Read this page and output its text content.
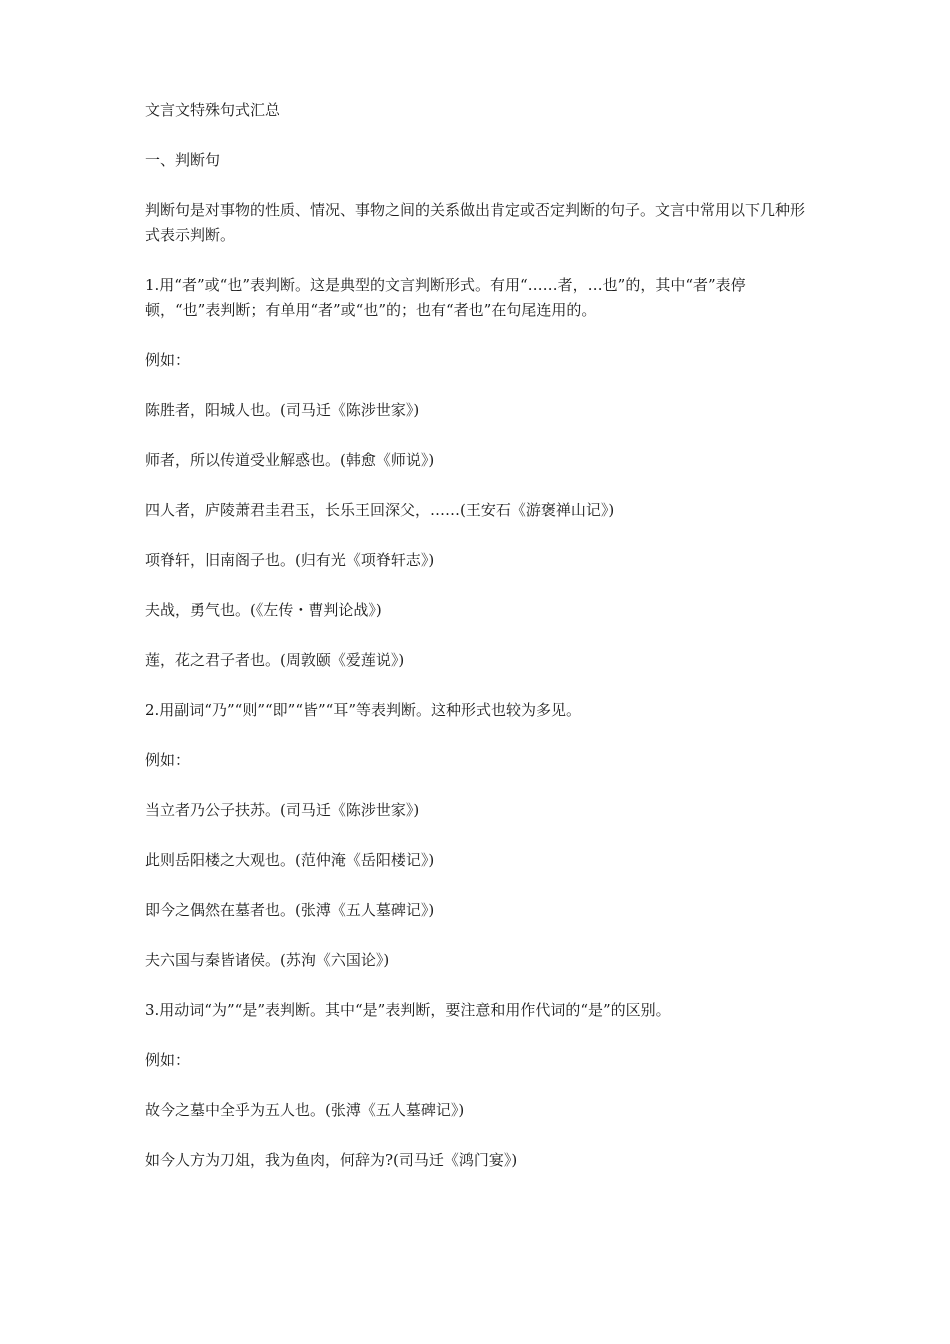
文言文特殊句式汇总

一、判断句

判断句是对事物的性质、情况、事物之间的关系做出肯定或否定判断的句子。文言中常用以下几种形式表示判断。

1.用“者”或“也”表判断。这是典型的文言判断形式。有用“……者，…也”的，其中“者”表停顿，“也”表判断；有单用“者”或“也”的；也有“者也”在句尾连用的。

例如：

陈胜者，阳城人也。(司马迁《陈涉世家》)

师者，所以传道受业解惑也。(韩愈《师说》)

四人者，庐陵萧君圭君玉，长乐王回深父，……(王安石《游褒禅山记》)

项脊轩，旧南阁子也。(归有光《项脊轩志》)

夫战，勇气也。(《左传・曹判论战》)

莲，花之君子者也。(周敦颐《爱莲说》)

2.用副词“乃”“则”“即”“皆”“耳”等表判断。这种形式也较为多见。

例如：

当立者乃公子扶苏。(司马迁《陈涉世家》)

此则岳阳楼之大观也。(范仲淹《岳阳楼记》)

即今之偶然在墓者也。(张溥《五人墓碑记》)

夫六国与秦皆诸侯。(苏洵《六国论》)

3.用动词“为”“是”表判断。其中“是”表判断，要注意和用作代词的“是”的区别。

例如：

故今之墓中全乎为五人也。(张溥《五人墓碑记》)

如今人方为刀俎，我为鱼肉，何辞为?(司马迁《鸿门宴》)
